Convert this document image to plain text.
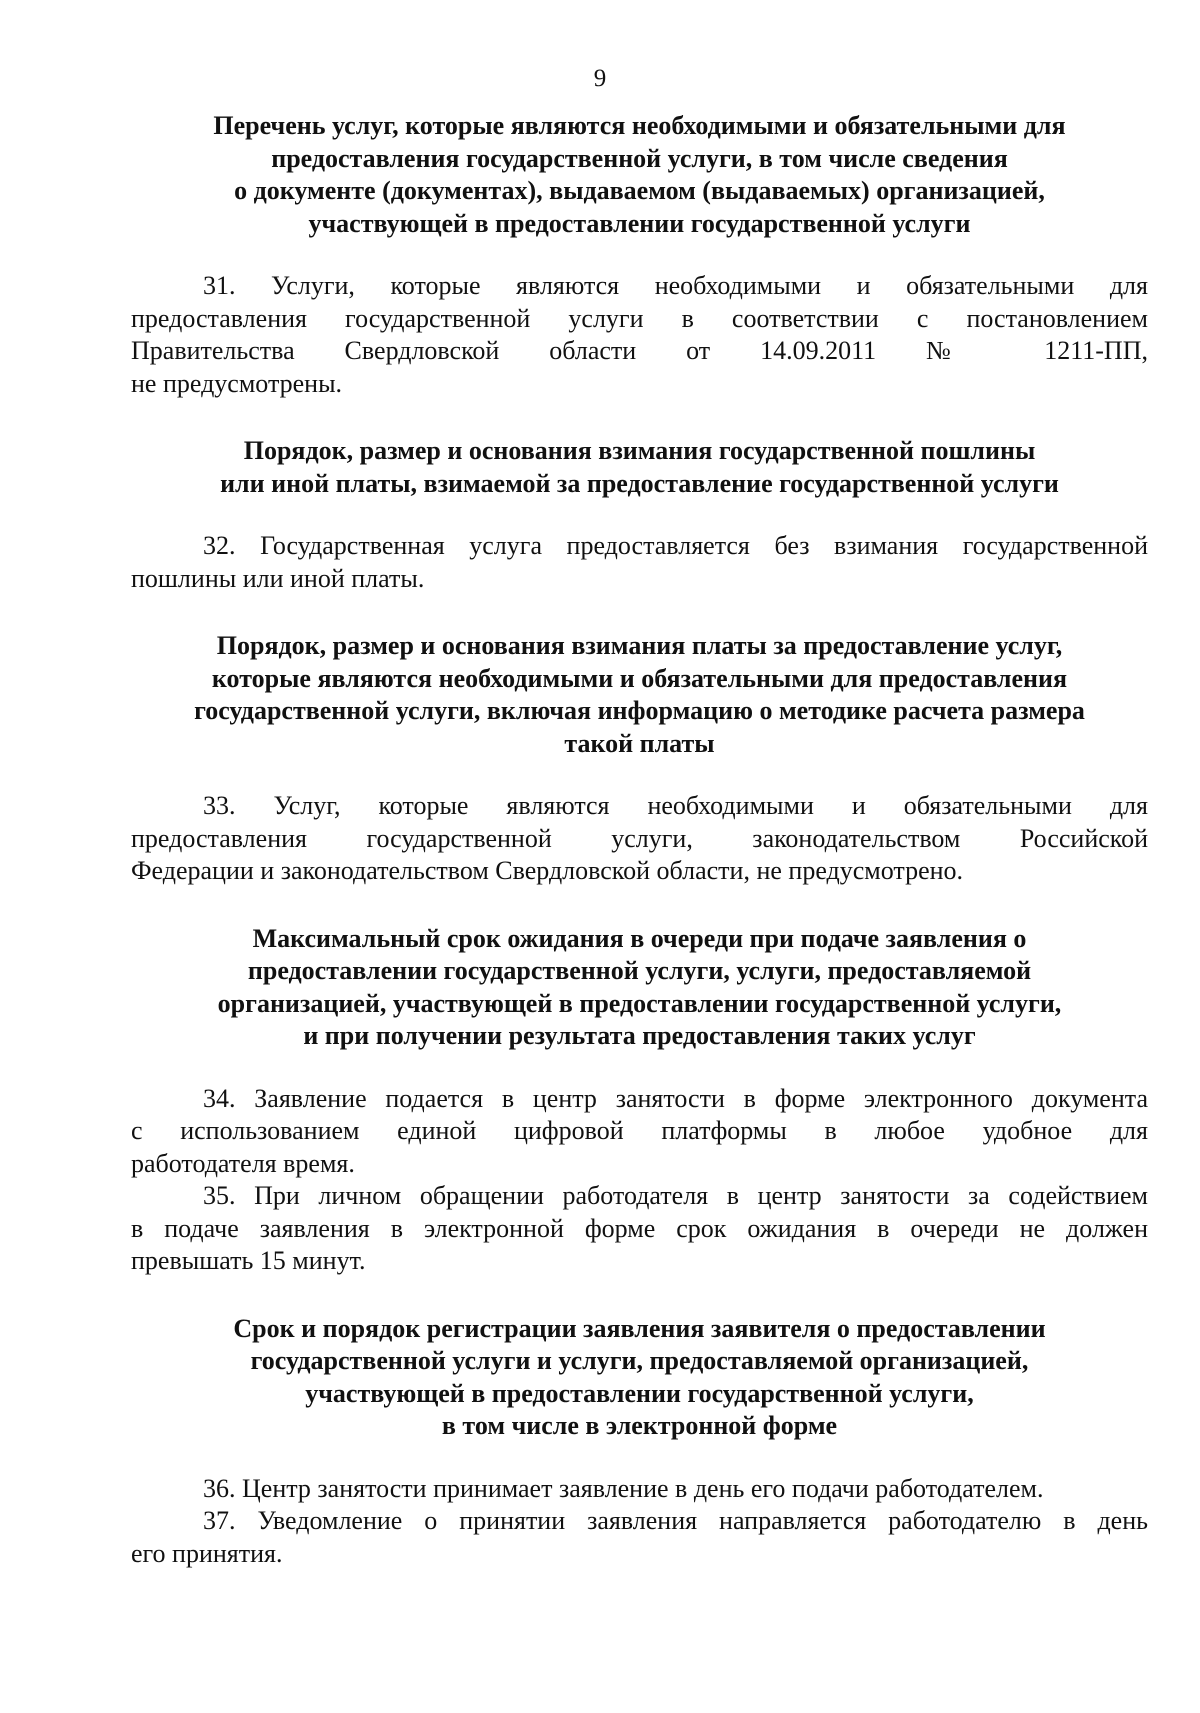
9
Перечень услуг, которые являются необходимыми и обязательными для
предоставления государственной услуги, в том числе сведения
о документе (документах), выдаваемом (выдаваемых) организацией,
участвующей в предоставлении государственной услуги
31. Услуги, которые являются необходимыми и обязательными для
предоставления государственной услуги в соответствии с постановлением
Правительства Свердловской области от 14.09.2011 № 1211-ПП,
не предусмотрены.
Порядок, размер и основания взимания государственной пошлины
или иной платы, взимаемой за предоставление государственной услуги
32. Государственная услуга предоставляется без взимания государственной
пошлины или иной платы.
Порядок, размер и основания взимания платы за предоставление услуг,
которые являются необходимыми и обязательными для предоставления
государственной услуги, включая информацию о методике расчета размера
такой платы
33. Услуг, которые являются необходимыми и обязательными для
предоставления государственной услуги, законодательством Российской
Федерации и законодательством Свердловской области, не предусмотрено.
Максимальный срок ожидания в очереди при подаче заявления о
предоставлении государственной услуги, услуги, предоставляемой
организацией, участвующей в предоставлении государственной услуги,
и при получении результата предоставления таких услуг
34. Заявление подается в центр занятости в форме электронного документа
с использованием единой цифровой платформы в любое удобное для
работодателя время.
35. При личном обращении работодателя в центр занятости за содействием
в подаче заявления в электронной форме срок ожидания в очереди не должен
превышать 15 минут.
Срок и порядок регистрации заявления заявителя о предоставлении
государственной услуги и услуги, предоставляемой организацией,
участвующей в предоставлении государственной услуги,
в том числе в электронной форме
36. Центр занятости принимает заявление в день его подачи работодателем.
37. Уведомление о принятии заявления направляется работодателю в день
его принятия.
